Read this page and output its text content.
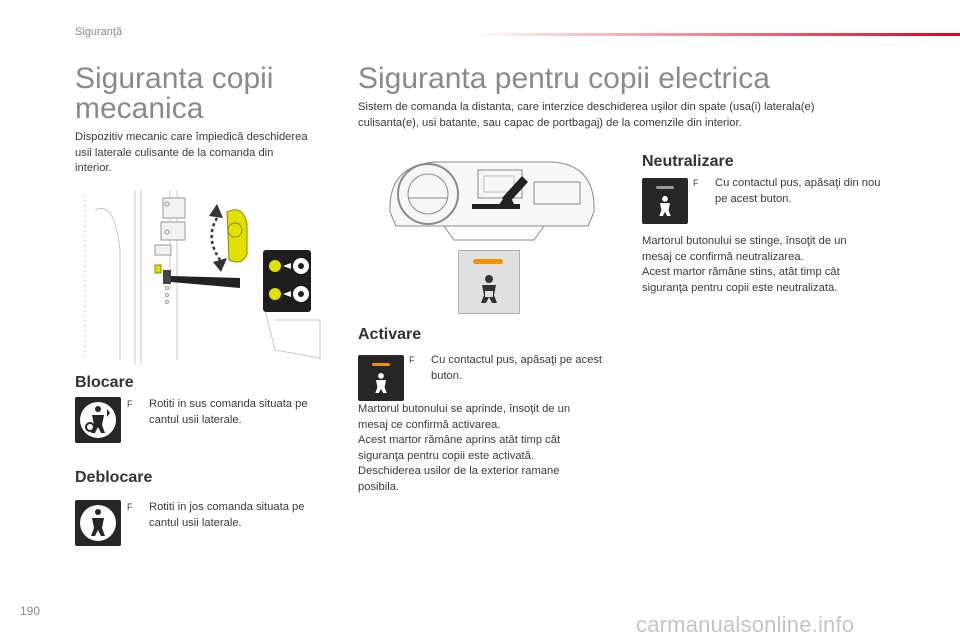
Siguranţă
Siguranta copii
mecanica
Dispozitiv mecanic care împiedică deschiderea
usii laterale culisante de la comanda din
interior.
Blocare
F Rotiti in sus comanda situata pe
cantul usii laterale.
Deblocare
F Rotiti in jos comanda situata pe
cantul usii laterale.
Siguranta pentru copii electrica
Sistem de comanda la distanta, care interzice deschiderea uşilor din spate (usa(i) laterala(e)
culisanta(e), usi batante, sau capac de portbagaj) de la comenzile din interior.
Activare
F Cu contactul pus, apăsaţi pe acest
buton.
Martorul butonului se aprinde, însoţit de un
mesaj ce confirmă activarea.
Acest martor rămâne aprins atât timp cât
siguranţa pentru copii este activată.
Deschiderea usilor de la exterior ramane
posibila.
Neutralizare
F Cu contactul pus, apăsaţi din nou
pe acest buton.
Martorul butonului se stinge, însoţit de un
mesaj ce confirmă neutralizarea.
Acest martor rămâne stins, atât timp cât
siguranţa pentru copii este neutralizata.
190
carmanualsonline.info
